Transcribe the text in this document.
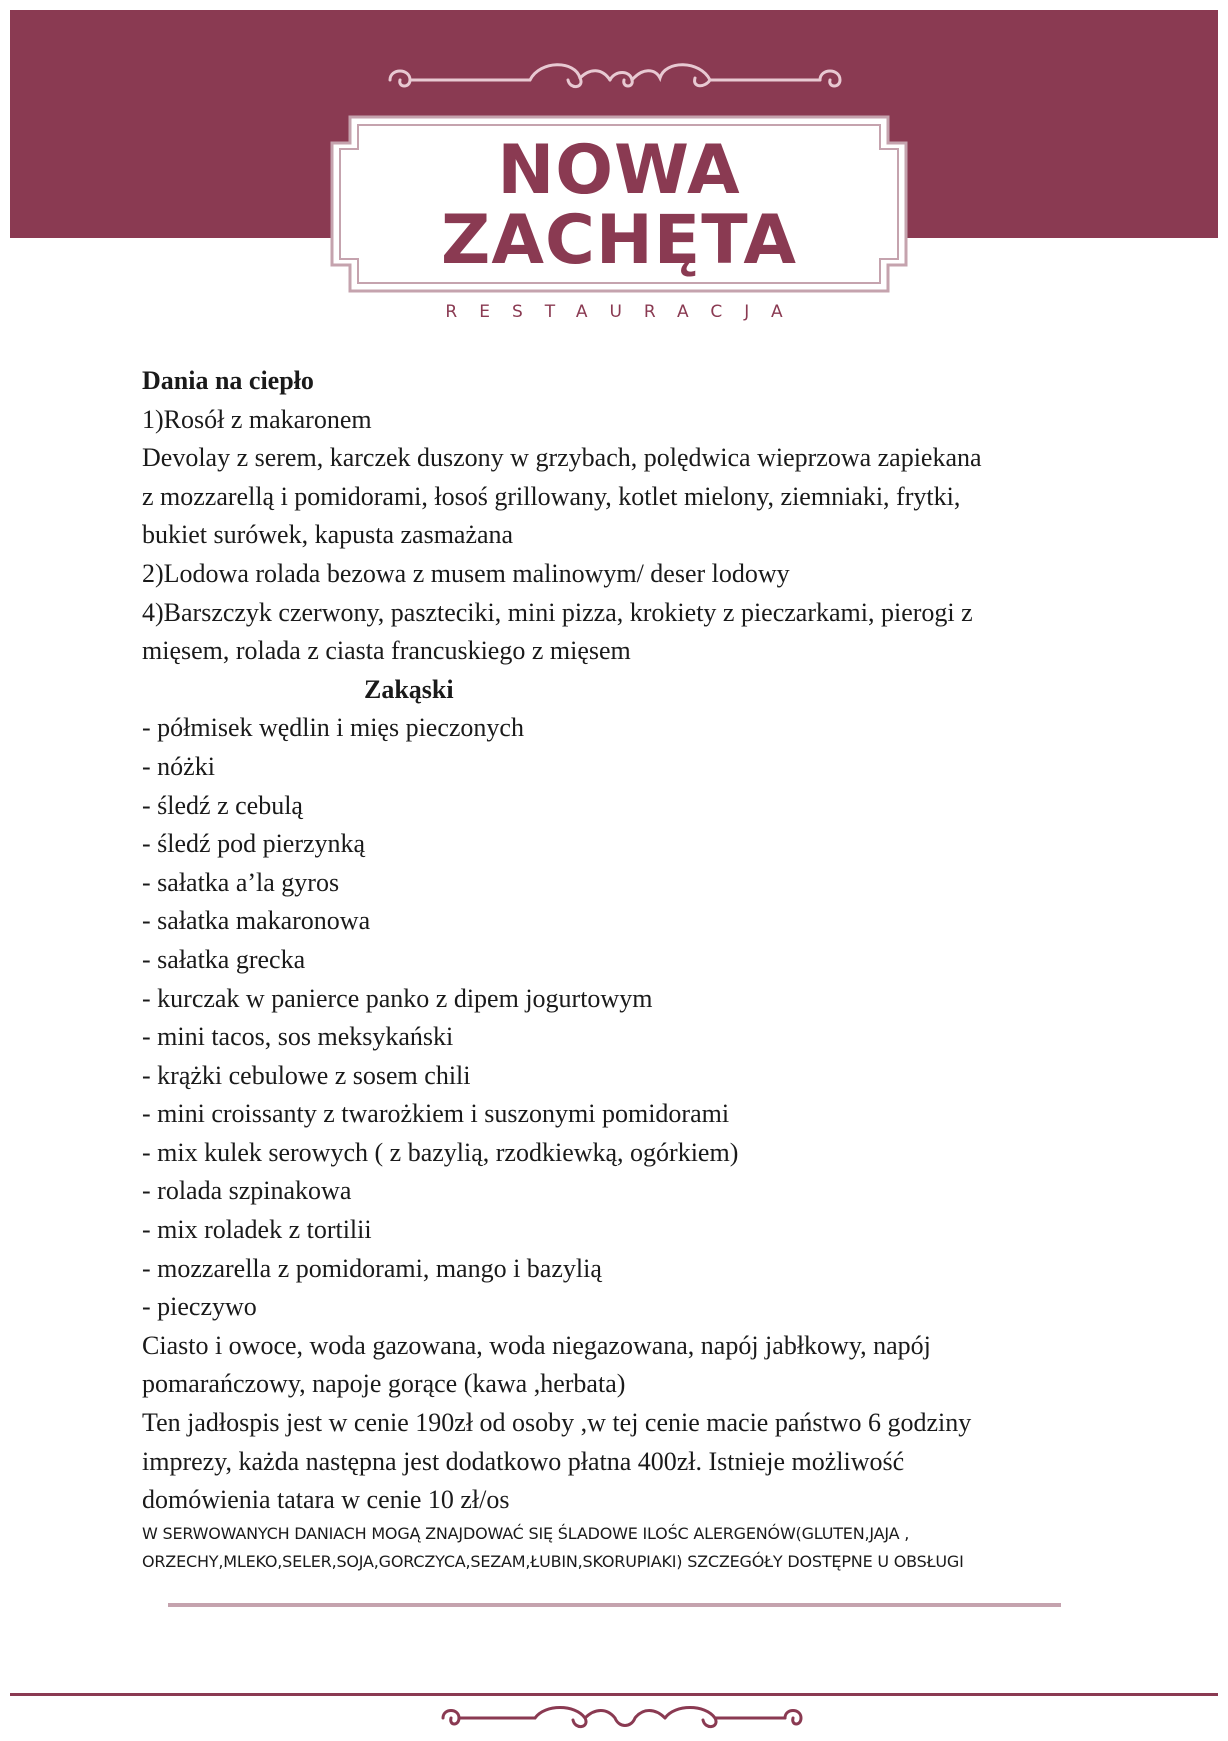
NOWA
ZACHĘTA
RESTAURACJA
Dania na ciepło
1)Rosół z makaronem
Devolay z serem, karczek duszony w grzybach, polędwica wieprzowa zapiekana
z mozzarellą i pomidorami, łosoś grillowany, kotlet mielony, ziemniaki, frytki,
bukiet surówek, kapusta zasmażana
2)Lodowa rolada bezowa z musem malinowym/ deser lodowy
4)Barszczyk czerwony, paszteciki, mini pizza, krokiety z pieczarkami, pierogi z
mięsem, rolada z ciasta francuskiego z mięsem
Zakąski
- półmisek wędlin i mięs pieczonych
- nóżki
- śledź z cebulą
- śledź pod pierzynką
- sałatka a’la gyros
- sałatka makaronowa
- sałatka grecka
- kurczak w panierce panko z dipem jogurtowym
- mini tacos, sos meksykański
- krążki cebulowe z sosem chili
- mini croissanty z twarożkiem i suszonymi pomidorami
- mix kulek serowych ( z bazylią, rzodkiewką, ogórkiem)
- rolada szpinakowa
- mix roladek z tortilii
- mozzarella z pomidorami, mango i bazylią
- pieczywo
Ciasto i owoce, woda gazowana, woda niegazowana, napój jabłkowy, napój
pomarańczowy, napoje gorące (kawa ,herbata)
Ten jadłospis jest w cenie 190zł od osoby ,w tej cenie macie państwo 6 godziny
imprezy, każda następna jest dodatkowo płatna 400zł. Istnieje możliwość
domówienia tatara w cenie 10 zł/os
W SERWOWANYCH DANIACH MOGĄ ZNAJDOWAĆ SIĘ ŚLADOWE ILOŚC ALERGENÓW(GLUTEN,JAJA ,
ORZECHY,MLEKO,SELER,SOJA,GORCZYCA,SEZAM,ŁUBIN,SKORUPIAKI) SZCZEGÓŁY DOSTĘPNE U OBSŁUGI
